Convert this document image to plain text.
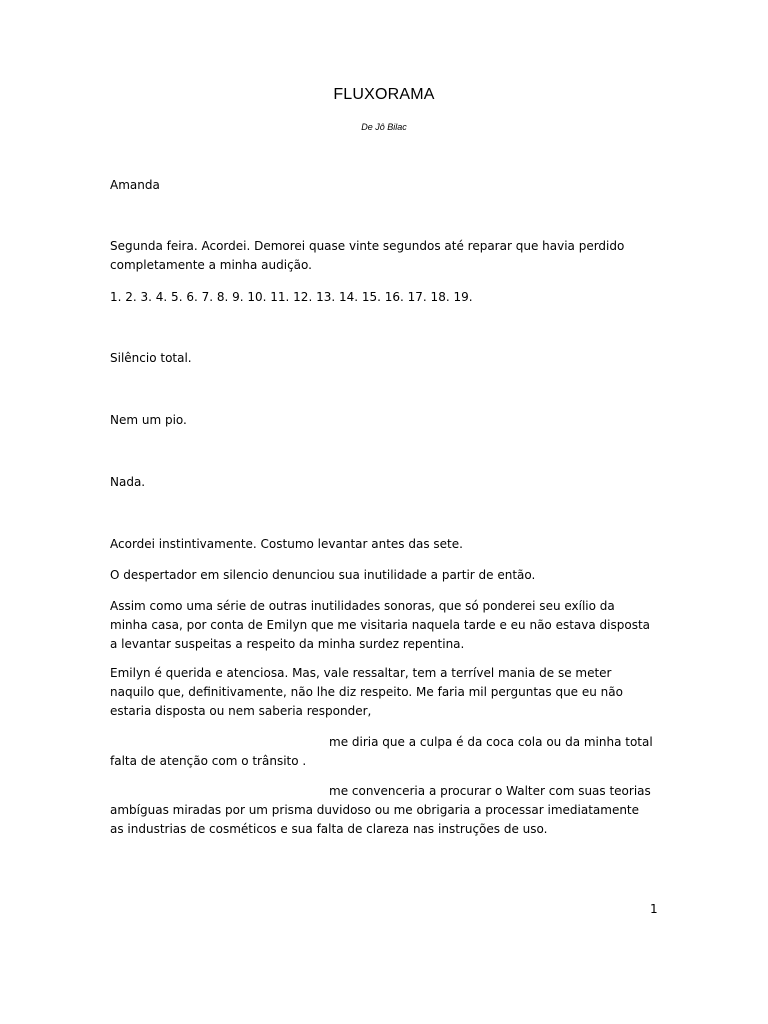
FLUXORAMA
De Jô Bilac
Amanda
Segunda feira. Acordei. Demorei quase vinte segundos até reparar que havia perdido completamente a minha audição.
1. 2. 3. 4. 5. 6. 7. 8. 9. 10. 11. 12. 13. 14. 15. 16. 17. 18. 19.
Silêncio total.
Nem um pio.
Nada.
Acordei instintivamente. Costumo levantar antes das sete.
O despertador em silencio denunciou sua inutilidade a partir de então.
Assim como uma série de outras inutilidades sonoras, que só ponderei seu exílio da minha casa, por conta de Emilyn que me visitaria naquela tarde e eu não estava disposta a levantar suspeitas a respeito da minha surdez repentina.
Emilyn é querida e atenciosa. Mas, vale ressaltar, tem a terrível mania de se meter naquilo que, definitivamente, não lhe diz respeito. Me faria mil perguntas que eu não estaria disposta ou nem saberia responder,
me diria que a culpa é da coca cola ou da minha total falta de atenção com o trânsito .
me convenceria a procurar o Walter com suas teorias ambíguas miradas por um prisma duvidoso ou me obrigaria a processar imediatamente as industrias de cosméticos e sua falta de clareza nas instruções de uso.
1
